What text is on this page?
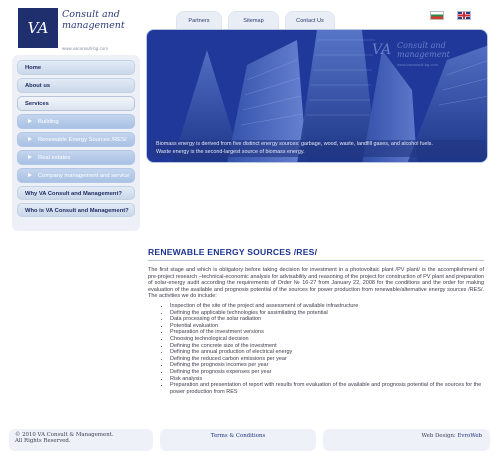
VA
Consult and
management
www.vaconsult-bg.com
Partners	Sitemap	Contact Us
Home
About us
Services
Building
Renewable Energy Sources /RES/
Real estates
Company management and service
Why VA Consult and Management?
Who is VA Consult and Management?
VA Consult and
management
www.vaconsult-bg.com
Biomass energy is derived from five distinct energy sources: garbage, wood, waste, landfill gases, and alcohol fuels.
Waste energy is the second-largest source of biomass energy.
RENEWABLE ENERGY SOURCES /RES/

The first stage and which is obligatory before taking decision for investment in a photovoltaic plant /PV plant/ is the accomplishment of pre-project research –technical-economic analysis for advisability and reasoning of the project for construction of PV plant and preparation of solar-energy audit according the requirements of Order № 16-27 from January 22, 2008 for the conditions and the order for making evaluation of the available and prognosis potential of the sources for power production from renewable/alternative energy sources /RES/. The activities we do include:

• Inspection of the site of the project and assessment of available infrastructure
• Defining the applicable technologies for assimilating the potential
• Data processing of the solar radiation
• Potential evaluation
• Preparation of the investment versions
• Choosing technological decision
• Defining the concrete size of the investment
• Defining the annual production of electrical energy
• Defining the reduced carbon emissions per year
• Defining the prognosis incomes per year
• Defining the prognosis expenses per year
• Risk analysis
• Preparation and presentation of report with results from evaluation of the available and prognosis potential of the sources for the power production from RES
© 2010 VA Consult & Management.
All Rights Reserved.
Terms & Conditions	Web Design: EvroWeb
